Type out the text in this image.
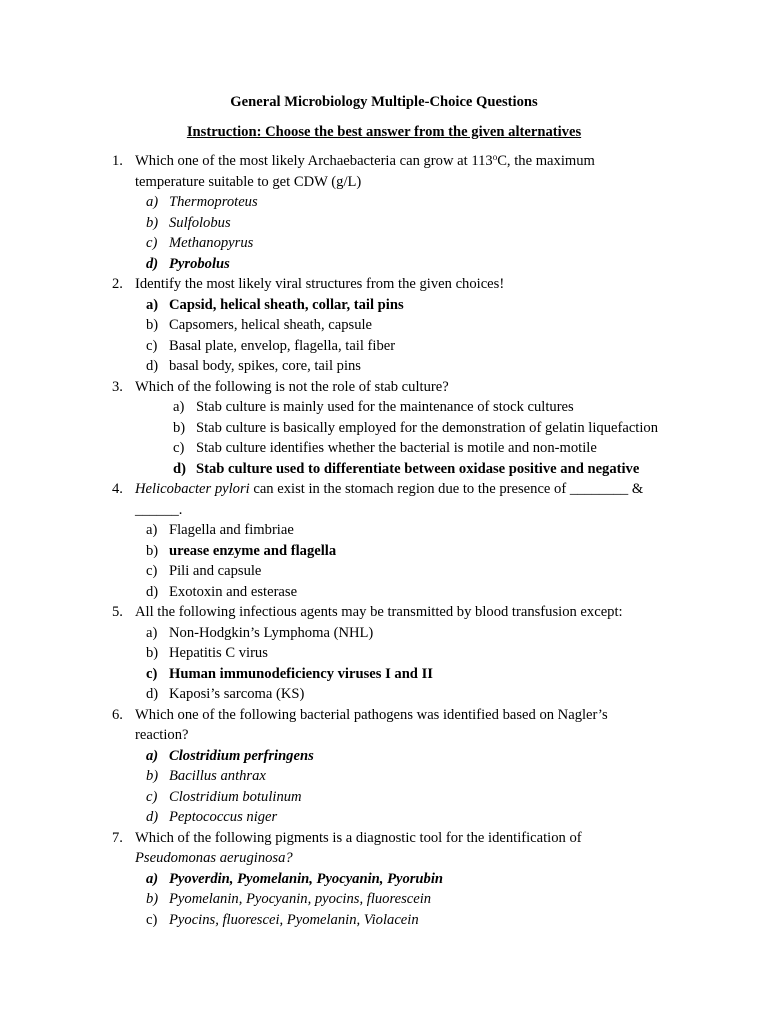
General Microbiology Multiple-Choice Questions
Instruction: Choose the best answer from the given alternatives
1. Which one of the most likely Archaebacteria can grow at 113$^o$C, the maximum
temperature suitable to get CDW (g/L)
a) Thermoproteus
b) Sulfolobus
c) Methanopyrus
d) Pyrobolus
2. Identify the most likely viral structures from the given choices!
a) Capsid, helical sheath, collar, tail pins
b) Capsomers, helical sheath, capsule
c) Basal plate, envelop, flagella, tail fiber
d) basal body, spikes, core, tail pins
3. Which of the following is not the role of stab culture?
a) Stab culture is mainly used for the maintenance of stock cultures
b) Stab culture is basically employed for the demonstration of gelatin liquefaction
c) Stab culture identifies whether the bacterial is motile and non-motile
d) Stab culture used to differentiate between oxidase positive and negative
4. Helicobacter pylori can exist in the stomach region due to the presence of ________ &
______.
a) Flagella and fimbriae
b) urease enzyme and flagella
c) Pili and capsule
d) Exotoxin and esterase
5. All the following infectious agents may be transmitted by blood transfusion except:
a) Non-Hodgkin’s Lymphoma (NHL)
b) Hepatitis C virus
c) Human immunodeficiency viruses I and II
d) Kaposi’s sarcoma (KS)
6. Which one of the following bacterial pathogens was identified based on Nagler’s
reaction?
a) Clostridium perfringens
b) Bacillus anthrax
c) Clostridium botulinum
d) Peptococcus niger
7. Which of the following pigments is a diagnostic tool for the identification of
Pseudomonas aeruginosa?
a) Pyoverdin, Pyomelanin, Pyocyanin, Pyorubin
b) Pyomelanin, Pyocyanin, pyocins, fluorescein
c) Pyocins, fluorescei, Pyomelanin, Violacein
